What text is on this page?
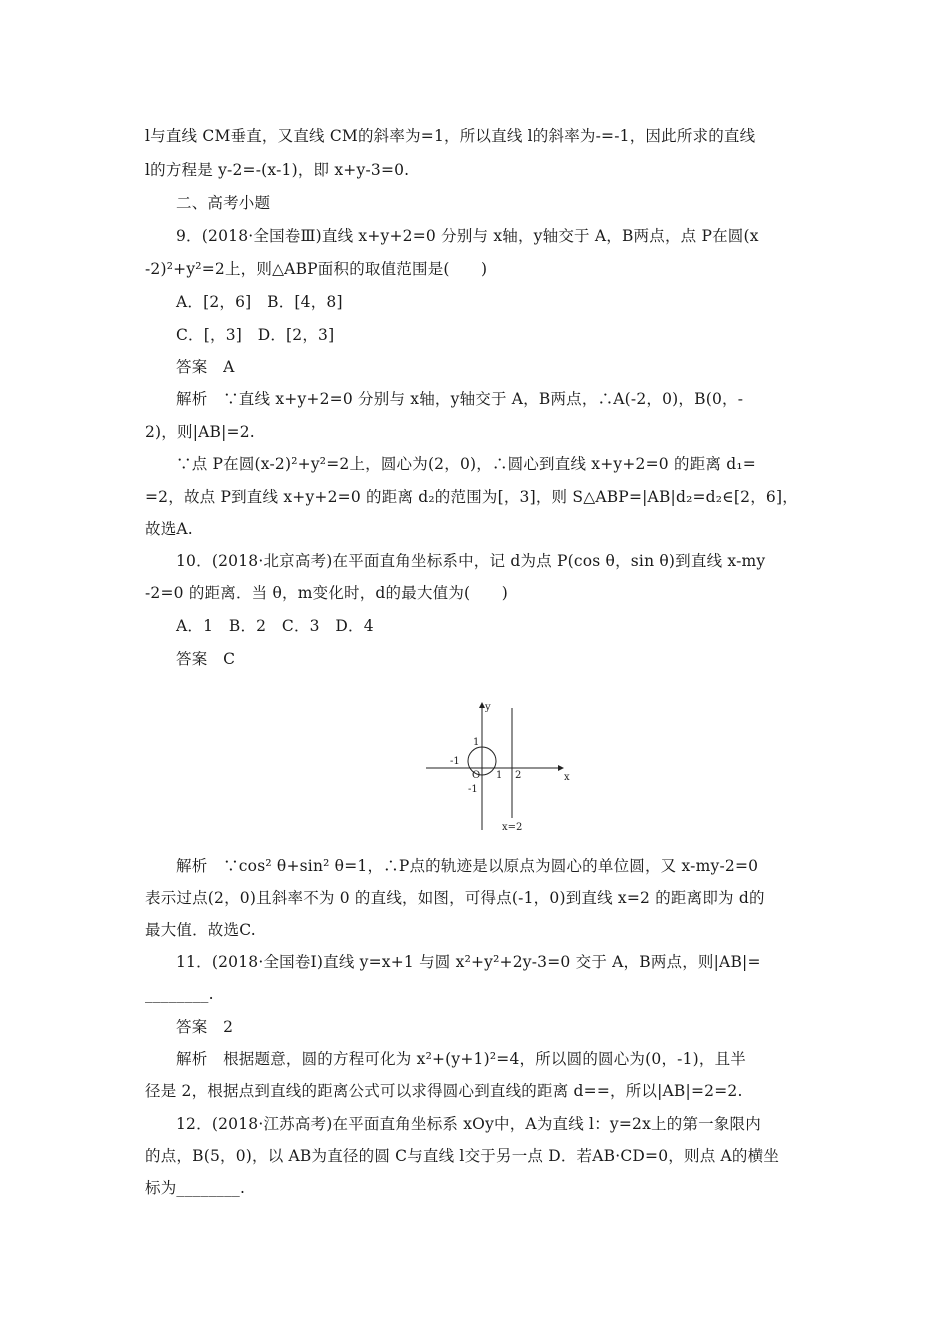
l与直线 CM垂直，又直线 CM的斜率为=1，所以直线 l的斜率为-=-1，因此所求的直线
l的方程是 y-2=-(x-1)，即 x+y-3=0.
二、高考小题
9．(2018·全国卷Ⅲ)直线 x+y+2=0 分别与 x轴，y轴交于 A，B两点，点 P在圆(x
-2)²+y²=2上，则△ABP面积的取值范围是(　　)
A．[2，6]　B．[4，8]
C．[，3]　D．[2，3]
答案　A
解析　∵直线 x+y+2=0 分别与 x轴，y轴交于 A，B两点，∴A(-2，0)，B(0，-
2)，则|AB|=2.
∵点 P在圆(x-2)²+y²=2上，圆心为(2，0)，∴圆心到直线 x+y+2=0 的距离 d₁=
=2，故点 P到直线 x+y+2=0 的距离 d₂的范围为[，3]，则 S△ABP=|AB|d₂=d₂∈[2，6]，
故选A.
10．(2018·北京高考)在平面直角坐标系中，记 d为点 P(cos θ，sin θ)到直线 x-my
-2=0 的距离．当 θ，m变化时，d的最大值为(　　)
A．1　B．2　C．3　D．4
答案　C
x
y
O
1
-1
-1
1 2
x=2
解析　∵cos² θ+sin² θ=1，∴P点的轨迹是以原点为圆心的单位圆，又 x-my-2=0
表示过点(2，0)且斜率不为 0 的直线，如图，可得点(-1，0)到直线 x=2 的距离即为 d的
最大值．故选C.
11．(2018·全国卷Ⅰ)直线 y=x+1 与圆 x²+y²+2y-3=0 交于 A，B两点，则|AB|=
________.
答案　2
解析　根据题意，圆的方程可化为 x²+(y+1)²=4，所以圆的圆心为(0，-1)，且半
径是 2，根据点到直线的距离公式可以求得圆心到直线的距离 d==，所以|AB|=2=2.
12．(2018·江苏高考)在平面直角坐标系 xOy中，A为直线 l：y=2x上的第一象限内
的点，B(5，0)，以 AB为直径的圆 C与直线 l交于另一点 D．若AB·CD=0，则点 A的横坐
标为________.
